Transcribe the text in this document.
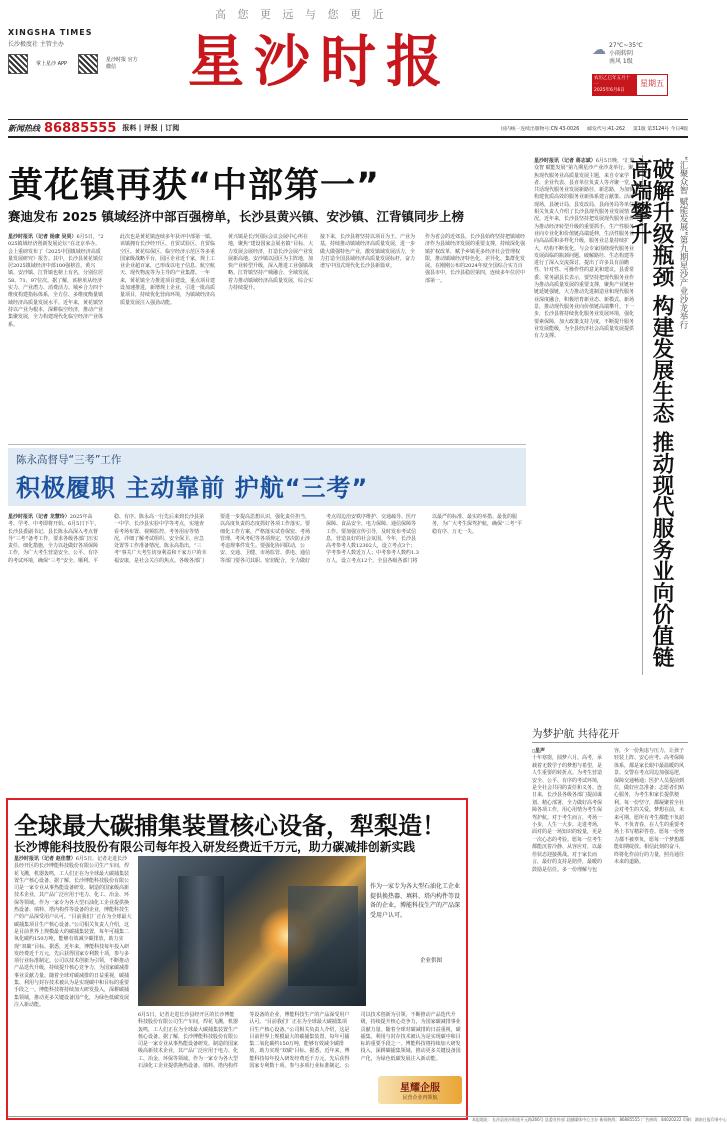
高 您 更 远 与 您 更 近
XINGSHA TIMES
长沙极度社 主管主办
掌上星沙 APP
星沙时报 官方微信	星沙时报	☁ 27℃~35℃
小雨转阴
南风 1级
农历乙巳年五月十一
2025年6月6日
星期五
新闻热线 86885555 报料 | 评报 | 订阅	国内统一连续出版物号:CN 43-0026 邮发代号:41-262 第1版 第3124号 今日4版
黄花镇再获“中部第一”
赛迪发布 2025 镇域经济中部百强榜单，长沙县黄兴镇、安沙镇、江背镇同步上榜
星沙时报讯（记者 杨康 吴昊）6月5日，“2025镇域经济创新发展论坛”在北京举办。会上重磅发布了《2025中国镇域经济高质量发展研究》报告。其中，长沙县黄花镇位居2025镇域经济中部100强榜首，黄兴镇、安沙镇、江背镇也榜上有名，分别位居58、71、97位次。据了解，该榜单从经济实力、产业潜力、消费活力、城乡合力四个维度构建指标体系，全方位、多维度衡量镇域经济高质量发展水平。近年来，黄花镇坚持以产业为根本，深耕临空经济，推动产业集聚发展，全力构建现代化临空经济产业体系。
此次也是黄花镇连续多年获评中部第一镇。该镇拥有长沙经开区、自贸试验区、自贸临空区、黄花综保区、临空经济示范区等多重国家级战略平台，园区企业近千家，规上工业企业超百家，已形成以电子信息、航空航天、现代物流等为主导的产业集群。一年来，黄花镇全力推进项目建设，重点项目建设加速推进，新增规上企业，引进一批高质量项目，持续优化营商环境，为镇域经济高质量发展注入强劲动能。
黄兴镇是长沙国际会议会展中心所在地，聚焦“建设国家会展名镇”目标，大力发展会展经济，打造长沙会展产业发展新高地。安沙镇以园区为主阵地，加快产业转型升级，深入推进工业强镇战略。江背镇坚持产城融合、全域发展，着力推动镇域经济高质量发展，综合实力持续提升。
接下来，长沙县将坚持以项目为王、产业为基，持续推动镇域经济高质量发展，进一步做大做强特色产业，激发镇域发展活力，全力打造全国县域经济高质量发展标杆，奋力谱写中国式现代化长沙县新篇章。
作为省会的近郊县，长沙县始终坚持把镇域经济作为县域经济发展的重要支撑，持续深化强镇扩权改革，赋予乡镇更多经济社会管理权限，推动镇域经济特色化、差异化、集群化发展。在刚刚公布的2024年度全国综合实力百强县市中，长沙县稳居第四，连续多年位居中部第一。
星沙时报讯（记者 蒋志斌）6月5日晚，“汇聚众智 赋能发展”第九期星沙产业沙龙举行。聚焦现代服务业高质量发展主题，来自专家学者、企业代表、县直单位负责人等齐聚一堂，共话现代服务业发展新路径、新思路，为加快构建优质高效的服务业新体系建言献策。活动现场，县统计局、县发改局、县商务局等单位相关负责人介绍了长沙县现代服务业发展情况。近年来，长沙县坚持把发展现代服务业作为推动经济转型升级的重要抓手，生产性服务业向专业化和价值链高端延伸，生活性服务业向高品质和多样化升级，服务业总量持续扩大，结构不断优化。与会专家围绕现代服务业发展面临的瓶颈问题、破解路径、生态构建等进行了深入交流探讨，提出了许多具有前瞻性、针对性、可操作性的意见和建议。县委常委、常务副县长表示，要坚持把现代服务业作为推动高质量发展的重要支撑，聚焦产业链补链延链强链，大力推动先进制造业和现代服务业深度融合，积极培育新业态、新模式、新场景，推动现代服务业向价值链高端攀升。下一步，长沙县将持续优化服务业发展环境，强化要素保障，加大政策支持力度，不断提升服务业发展能级，为全县经济社会高质量发展提供有力支撑。
“汇聚众智 赋能发展”第九期星沙产业沙龙举行
破解升级瓶颈 构建发展生态 推动现代服务业向价值链高端攀升
陈永高督导“三考”工作
积极履职 主动靠前 护航“三考”
星沙时报讯（记者 龙慧玲）2025年高考、学考、中考即将开始。6月5日下午，长沙县委副书记、县长陈永高深入考点督导“三考”备考工作，要求各级各部门压实责任、细化措施，全力以赴做好各项保障工作，为广大考生营造安全、公平、有序的考试环境，确保“三考”安全、顺利、平稳、有序。陈永高一行先后来到长沙县第一中学、长沙县实验中学等考点，实地查看考场布置、视频监控、考务用房等情况，详细了解考试组织、安全保卫、应急处置等工作准备情况。陈永高指出，“三考”事关广大考生切身利益和千家万户的幸福安康，是社会关注的焦点。各级各部门要进一步提高思想认识，强化责任担当，以高度负责的态度抓好各项工作落实。要细化工作方案，严格落实试卷保密、考场管理、考风考纪等各项规定，坚决防止涉考违规事件发生。要强化协同联动，公安、交通、卫健、市场监管、供电、通信等部门要各司其职、密切配合，全力做好考点周边治安秩序维护、交通疏导、医疗保障、食品安全、电力保障、通信保障等工作。要加强宣传引导，及时发布考试信息，营造良好的社会氛围。今年，长沙县高考参考人数12302人，设立考点3个；学考参考人数近万人；中考参考人数约1.3万人，设立考点12个。全县各级各部门将以最严的标准、最实的举措、最优的服务，为广大考生保驾护航，确保“三考”平稳有序、万无一失。
全球最大碳捕集装置核心设备，犁梨造！
长沙博能科技股份有限公司每年投入研发经费近千万元，助力碳减排创新实践
作为一家专为各大型石油化工企业提供换热器、填料、塔内构件等设备的企业，博能科技生产的产品深受用户认可。
企业供图
星沙时报讯（记者 赵佳慧）6月5日，记者走进长沙县经开区的长沙博能科技股份有限公司生产车间，焊花飞溅，机器轰鸣，工人们正在为全球最大碳捕集装置生产核心设备。据了解，长沙博能科技股份有限公司是一家专业从事热能设备研发、制造的国家级高新技术企业，其产品广泛应用于电力、化工、冶金、环保等领域。作为一家专为各大型石油化工企业提供换热设备、填料、塔内构件等设备的企业，博能科技生产的产品深受用户认可。“目前我们厂正在为全球最大碳捕集项目生产核心设备。”公司相关负责人介绍，这是目前世界上规模最大的碳捕集装置，每年可捕集二氧化碳约150万吨，能够有效减少碳排放，助力实现“双碳”目标。据悉，近年来，博能科技每年投入研发经费近千万元，先后获得国家专利数十项，参与多项行业标准制定。公司以技术创新为引领，不断推动产品迭代升级，持续提升核心竞争力，为国家碳减排事业贡献力量。随着全球对碳减排的日益重视，碳捕集、利用与封存技术被认为是实现碳中和目标的重要手段之一。博能科技将持续加大研发投入，深耕碳捕集领域，推动更多关键设备国产化，为绿色低碳发展注入新动能。
6月5日，记者走进长沙县经开区的长沙博能科技股份有限公司生产车间，焊花飞溅，机器轰鸣，工人们正在为全球最大碳捕集装置生产核心设备。据了解，长沙博能科技股份有限公司是一家专业从事热能设备研发、制造的国家级高新技术企业，其产品广泛应用于电力、化工、冶金、环保等领域。作为一家专为各大型石油化工企业提供换热设备、填料、塔内构件等设备的企业，博能科技生产的产品深受用户认可。“目前我们厂正在为全球最大碳捕集项目生产核心设备。”公司相关负责人介绍，这是目前世界上规模最大的碳捕集装置，每年可捕集二氧化碳约150万吨，能够有效减少碳排放，助力实现“双碳”目标。据悉，近年来，博能科技每年投入研发经费近千万元，先后获得国家专利数十项，参与多项行业标准制定。公司以技术创新为引领，不断推动产品迭代升级，持续提升核心竞争力，为国家碳减排事业贡献力量。随着全球对碳减排的日益重视，碳捕集、利用与封存技术被认为是实现碳中和目标的重要手段之一。博能科技将持续加大研发投入，深耕碳捕集领域，推动更多关键设备国产化，为绿色低碳发展注入新动能。
星耀企服
民营企业再领航
为梦护航 共待花开
□星声
十年寒窗，圆梦六月。高考，承载着无数学子的梦想与希望，是人生重要的转折点。为考生营造安全、公平、有序的考试环境，是全社会共同的责任和义务。连日来，长沙县各级各部门提前谋划、精心部署，全力做好高考保障各项工作，用心用情为考生保驾护航。对于考生而言，考场一小步，人生一大步。走进考场，面对的是一场知识的较量，更是一次心态的考验。愿每一位考生都能沉着冷静、从容应对，以最佳状态迎接挑战。对于家长而言，最好的支持是陪伴，最暖的鼓励是信任。多一份理解与包容，少一份焦虑与压力，让孩子轻装上阵、安心应考。高考保障体系，都是家长眼中最温暖的风景。交警在考点周边加强巡逻，保障交通畅通；医护人员提前到位，做好应急准备；志愿者们贴心服务，为考生和家长提供便利。每一份坚守，都凝聚着全社会对考生的关爱。梦想在前，未来可期。愿所有考生都能不负韶华、不负青春，在人生的重要考场上书写精彩答卷。愿每一份努力都不被辜负，愿每一个梦想都能如期绽放。相信此刻的奋斗，终将化作前行的力量，照亮通往未来的道路。
本报地址：长沙县星沙街道开元路266号 县委宣传部 县融媒体中心主办 新闻热线：86885555 广告热线：84020222 印刷：湖南日报印务中心
